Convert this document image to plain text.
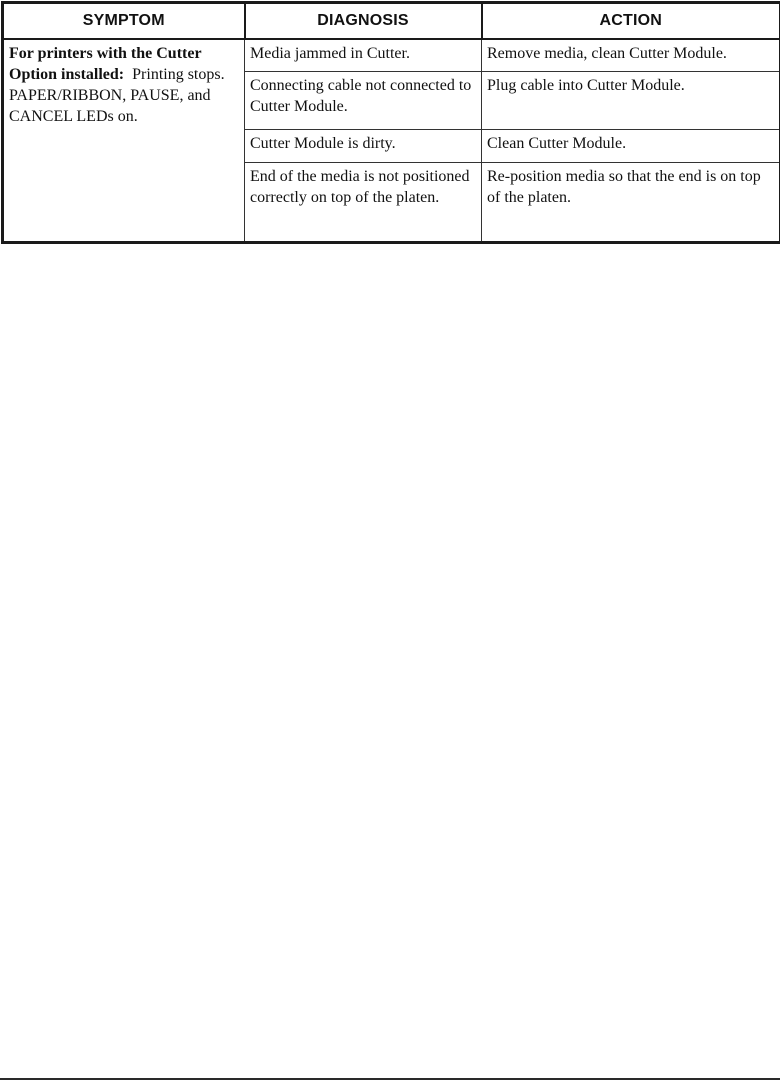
SYMPTOM	DIAGNOSIS	ACTION
For printers with the Cutter Option installed: Printing stops. PAPER/RIBBON, PAUSE, and CANCEL LEDs on.	Media jammed in Cutter.	Remove media, clean Cutter Module.
	Connecting cable not connected to Cutter Module.	Plug cable into Cutter Module.
	Cutter Module is dirty.	Clean Cutter Module.
	End of the media is not positioned correctly on top of the platen.	Re-position media so that the end is on top of the platen.
